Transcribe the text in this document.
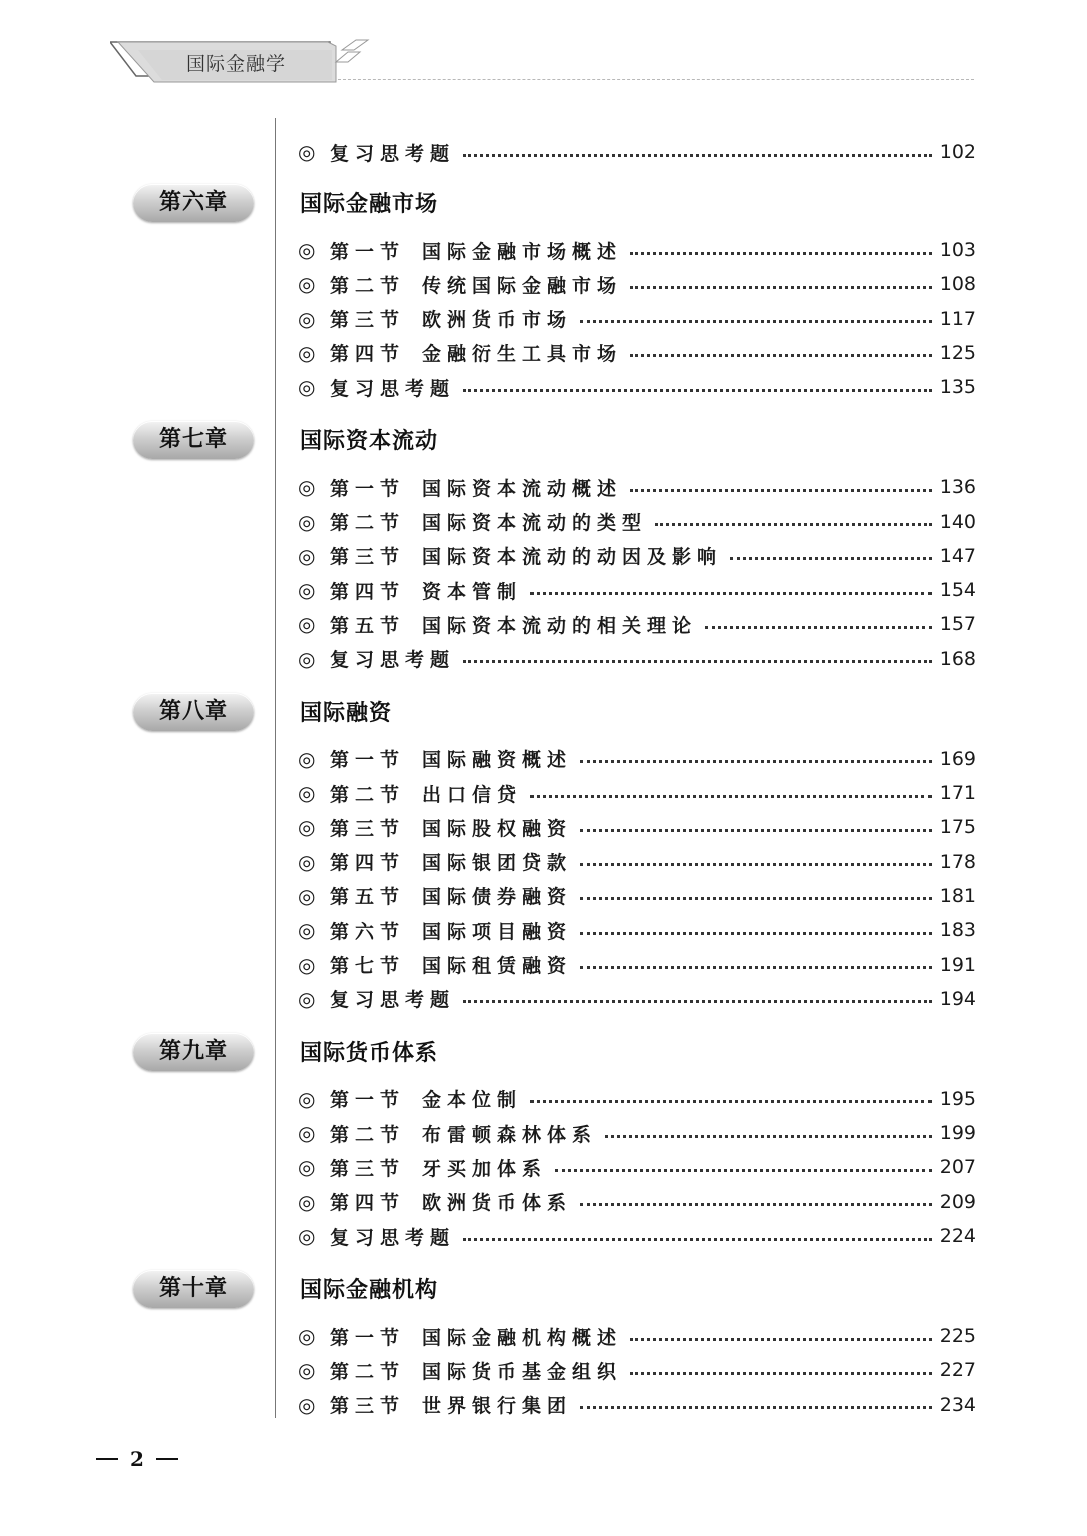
国际金融学
◎ 复习思考题	102
第六章	国际金融市场
◎ 第一节 国际金融市场概述	103
◎ 第二节 传统国际金融市场	108
◎ 第三节 欧洲货币市场	117
◎ 第四节 金融衍生工具市场	125
◎ 复习思考题	135
第七章	国际资本流动
◎ 第一节 国际资本流动概述	136
◎ 第二节 国际资本流动的类型	140
◎ 第三节 国际资本流动的动因及影响	147
◎ 第四节 资本管制	154
◎ 第五节 国际资本流动的相关理论	157
◎ 复习思考题	168
第八章	国际融资
◎ 第一节 国际融资概述	169
◎ 第二节 出口信贷	171
◎ 第三节 国际股权融资	175
◎ 第四节 国际银团贷款	178
◎ 第五节 国际债券融资	181
◎ 第六节 国际项目融资	183
◎ 第七节 国际租赁融资	191
◎ 复习思考题	194
第九章	国际货币体系
◎ 第一节 金本位制	195
◎ 第二节 布雷顿森林体系	199
◎ 第三节 牙买加体系	207
◎ 第四节 欧洲货币体系	209
◎ 复习思考题	224
第十章	国际金融机构
◎ 第一节 国际金融机构概述	225
◎ 第二节 国际货币基金组织	227
◎ 第三节 世界银行集团	234
2
